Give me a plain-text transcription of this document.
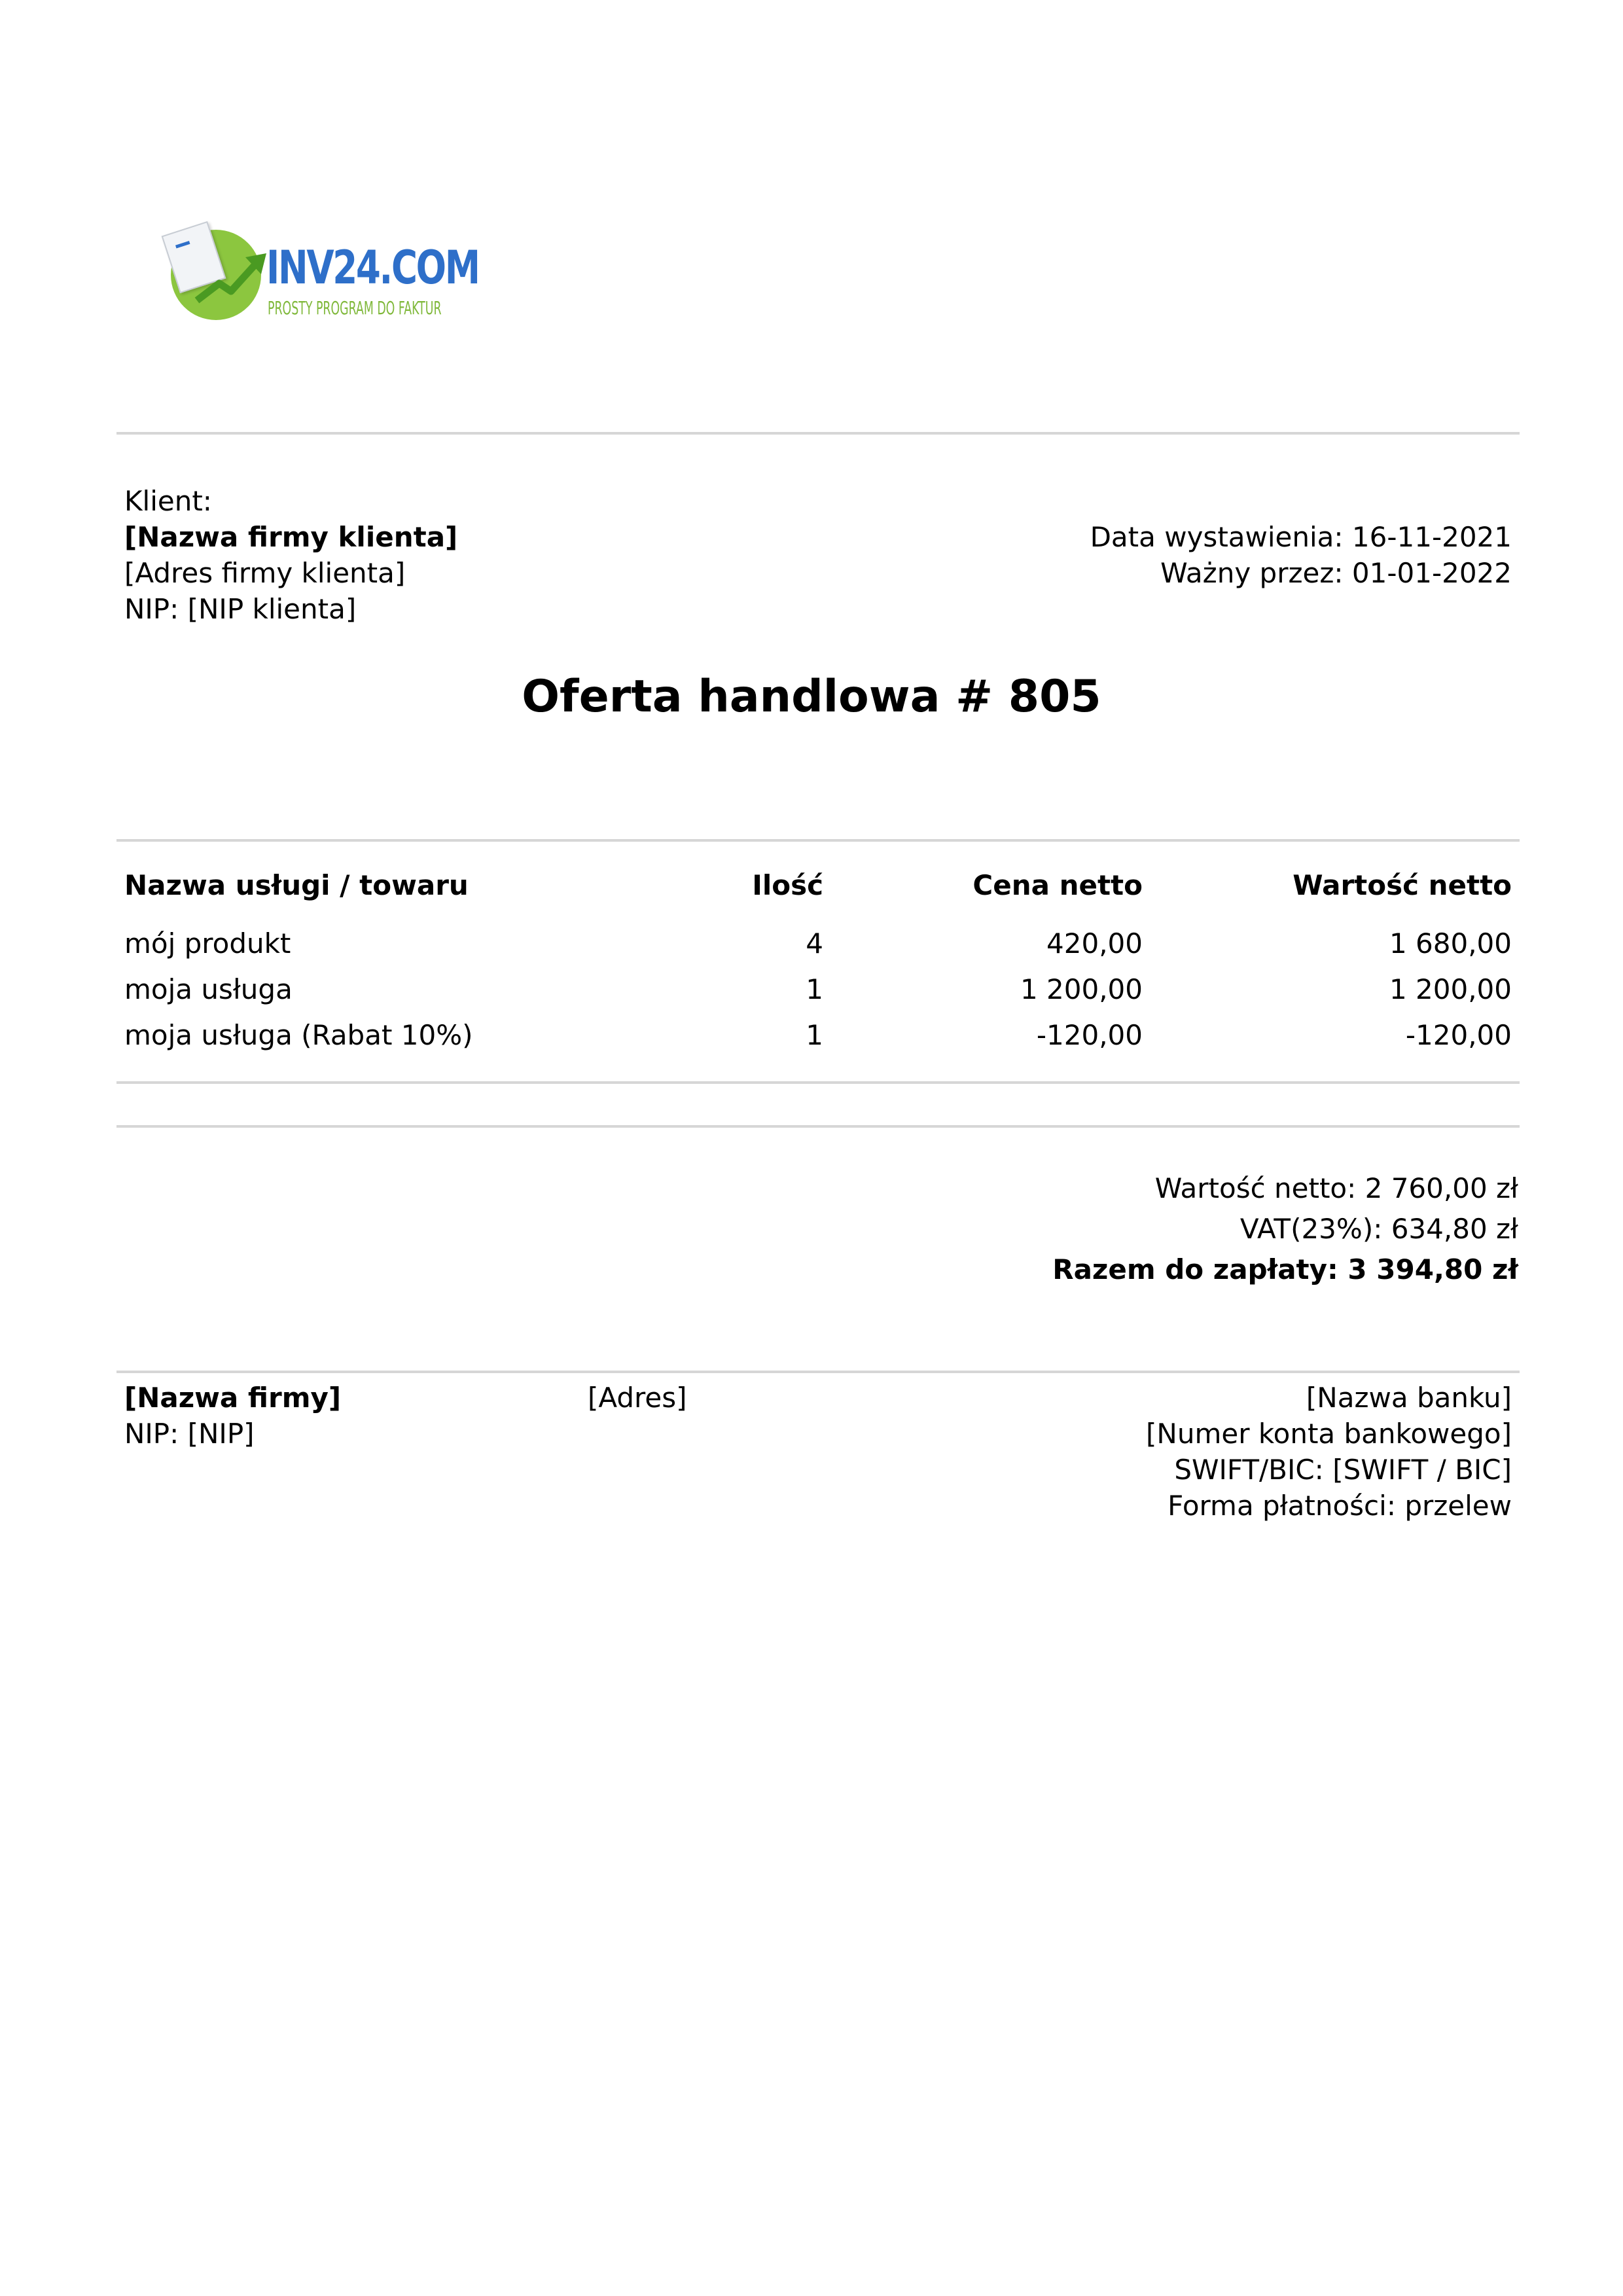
INV24.COM
PROSTY PROGRAM DO FAKTUR
Klient:
[Nazwa firmy klienta]
[Adres firmy klienta]
NIP: [NIP klienta]
Data wystawienia: 16-11-2021
Ważny przez: 01-01-2022
Oferta handlowa # 805
Nazwa usługi / towaru	Ilość	Cena netto	Wartość netto
mój produkt	4	420,00	1 680,00
moja usługa	1	1 200,00	1 200,00
moja usługa (Rabat 10%)	1	-120,00	-120,00
Wartość netto: 2 760,00 zł
VAT(23%): 634,80 zł
Razem do zapłaty: 3 394,80 zł
[Nazwa firmy]
NIP: [NIP]
[Adres]	[Nazwa banku]
[Numer konta bankowego]
SWIFT/BIC: [SWIFT / BIC]
Forma płatności: przelew
